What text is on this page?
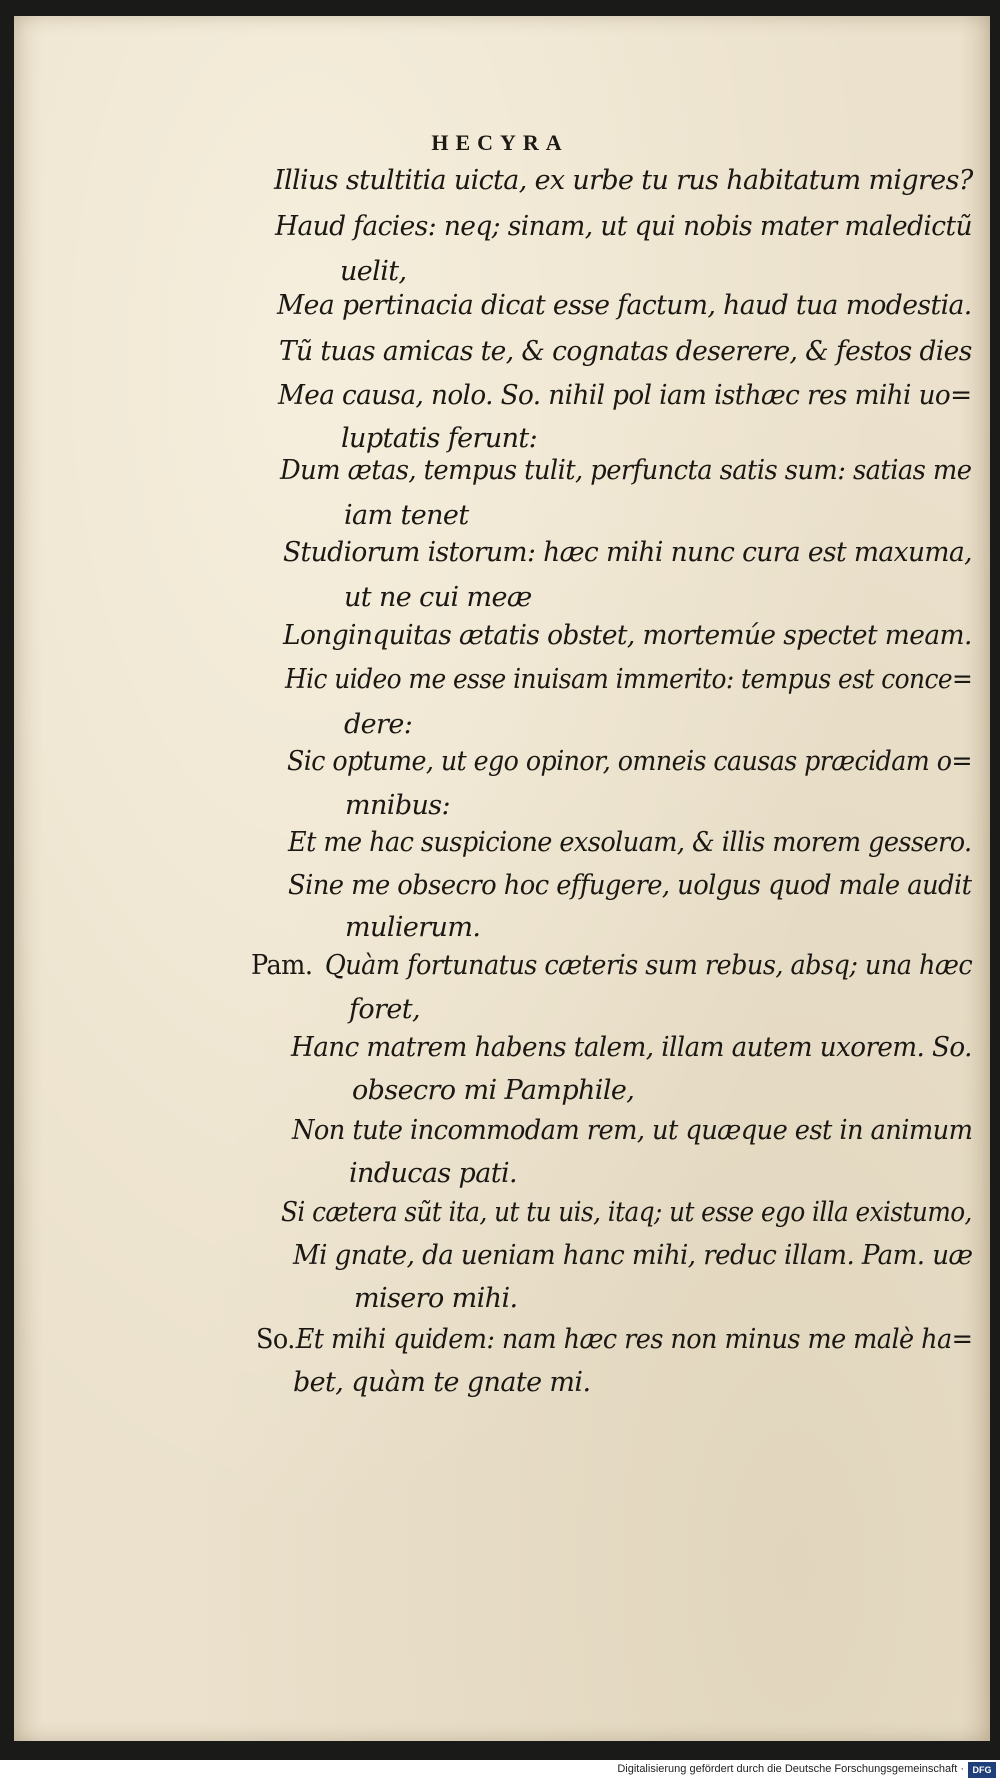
HECYRA
Illius stultitia uicta, ex urbe tu rus habitatum migres?
Haud facies: neq; sinam, ut qui nobis mater maledictũ
uelit,
Mea pertinacia dicat esse factum, haud tua modestia.
Tũ tuas amicas te, & cognatas deserere, & festos dies
Mea causa, nolo. So. nihil pol iam isthæc res mihi uo=
luptatis ferunt:
Dum ætas, tempus tulit, perfuncta satis sum: satias me
iam tenet
Studiorum istorum: hæc mihi nunc cura est maxuma,
ut ne cui meæ
Longinquitas ætatis obstet, mortemúe spectet meam.
Hic uideo me esse inuisam immerito: tempus est conce=
dere:
Sic optume, ut ego opinor, omneis causas præcidam o=
mnibus:
Et me hac suspicione exsoluam, & illis morem gessero.
Sine me obsecro hoc effugere, uolgus quod male audit
mulierum.
Pam. Quàm fortunatus cæteris sum rebus, absq; una hæc
foret,
Hanc matrem habens talem, illam autem uxorem. So.
obsecro mi Pamphile,
Non tute incommodam rem, ut quæque est in animum
inducas pati.
Si cætera sũt ita, ut tu uis, itaq; ut esse ego illa existumo,
Mi gnate, da ueniam hanc mihi, reduc illam. Pam. uæ
misero mihi.
So.Et mihi quidem: nam hæc res non minus me malè ha=
bet, quàm te gnate mi.
Digitalisierung gefördert durch die Deutsche Forschungsgemeinschaft · DFG
